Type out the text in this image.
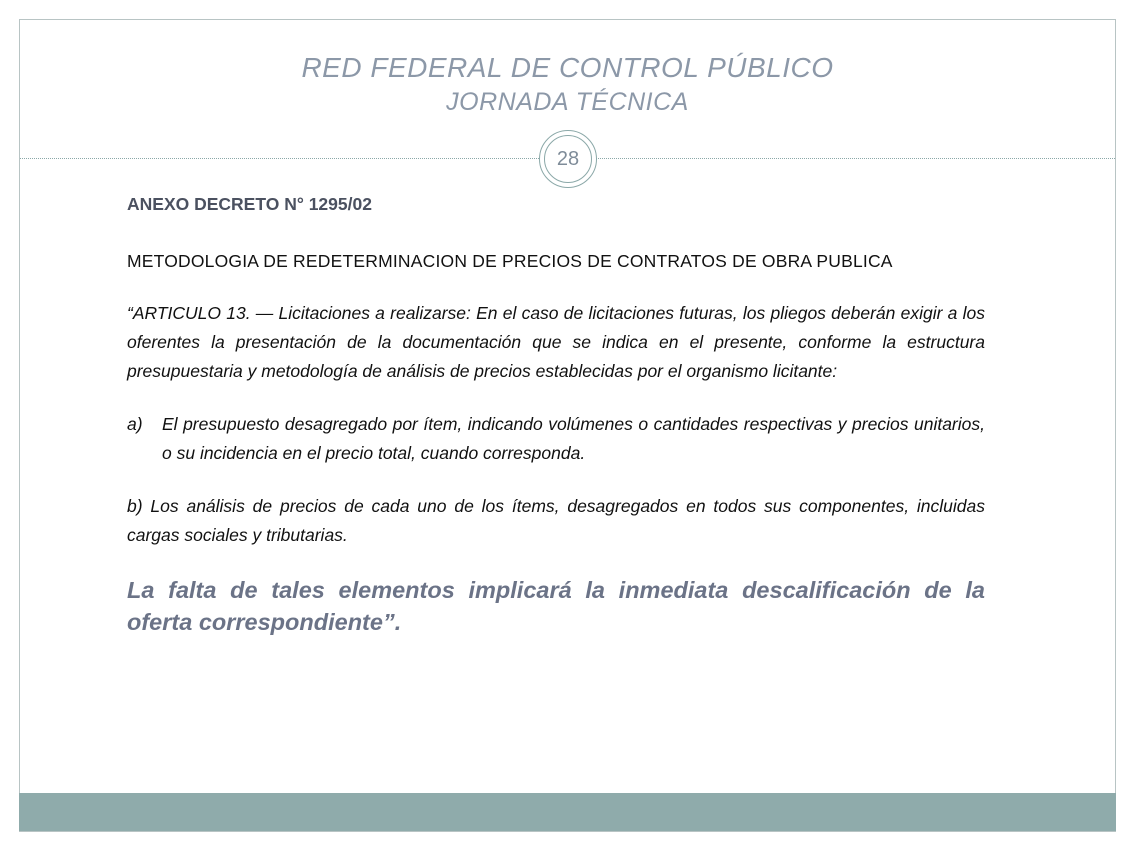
RED FEDERAL DE CONTROL PÚBLICO
JORNADA TÉCNICA
28

ANEXO DECRETO N° 1295/02

METODOLOGIA DE REDETERMINACION DE PRECIOS DE CONTRATOS DE OBRA PUBLICA

“ARTICULO 13. — Licitaciones a realizarse: En el caso de licitaciones futuras, los pliegos deberán exigir a los oferentes la presentación de la documentación que se indica en el presente, conforme la estructura presupuestaria y metodología de análisis de precios establecidas por el organismo licitante:

a) El presupuesto desagregado por ítem, indicando volúmenes o cantidades respectivas y precios unitarios, o su incidencia en el precio total, cuando corresponda.

b) Los análisis de precios de cada uno de los ítems, desagregados en todos sus componentes, incluidas cargas sociales y tributarias.

La falta de tales elementos implicará la inmediata descalificación de la oferta correspondiente”.
